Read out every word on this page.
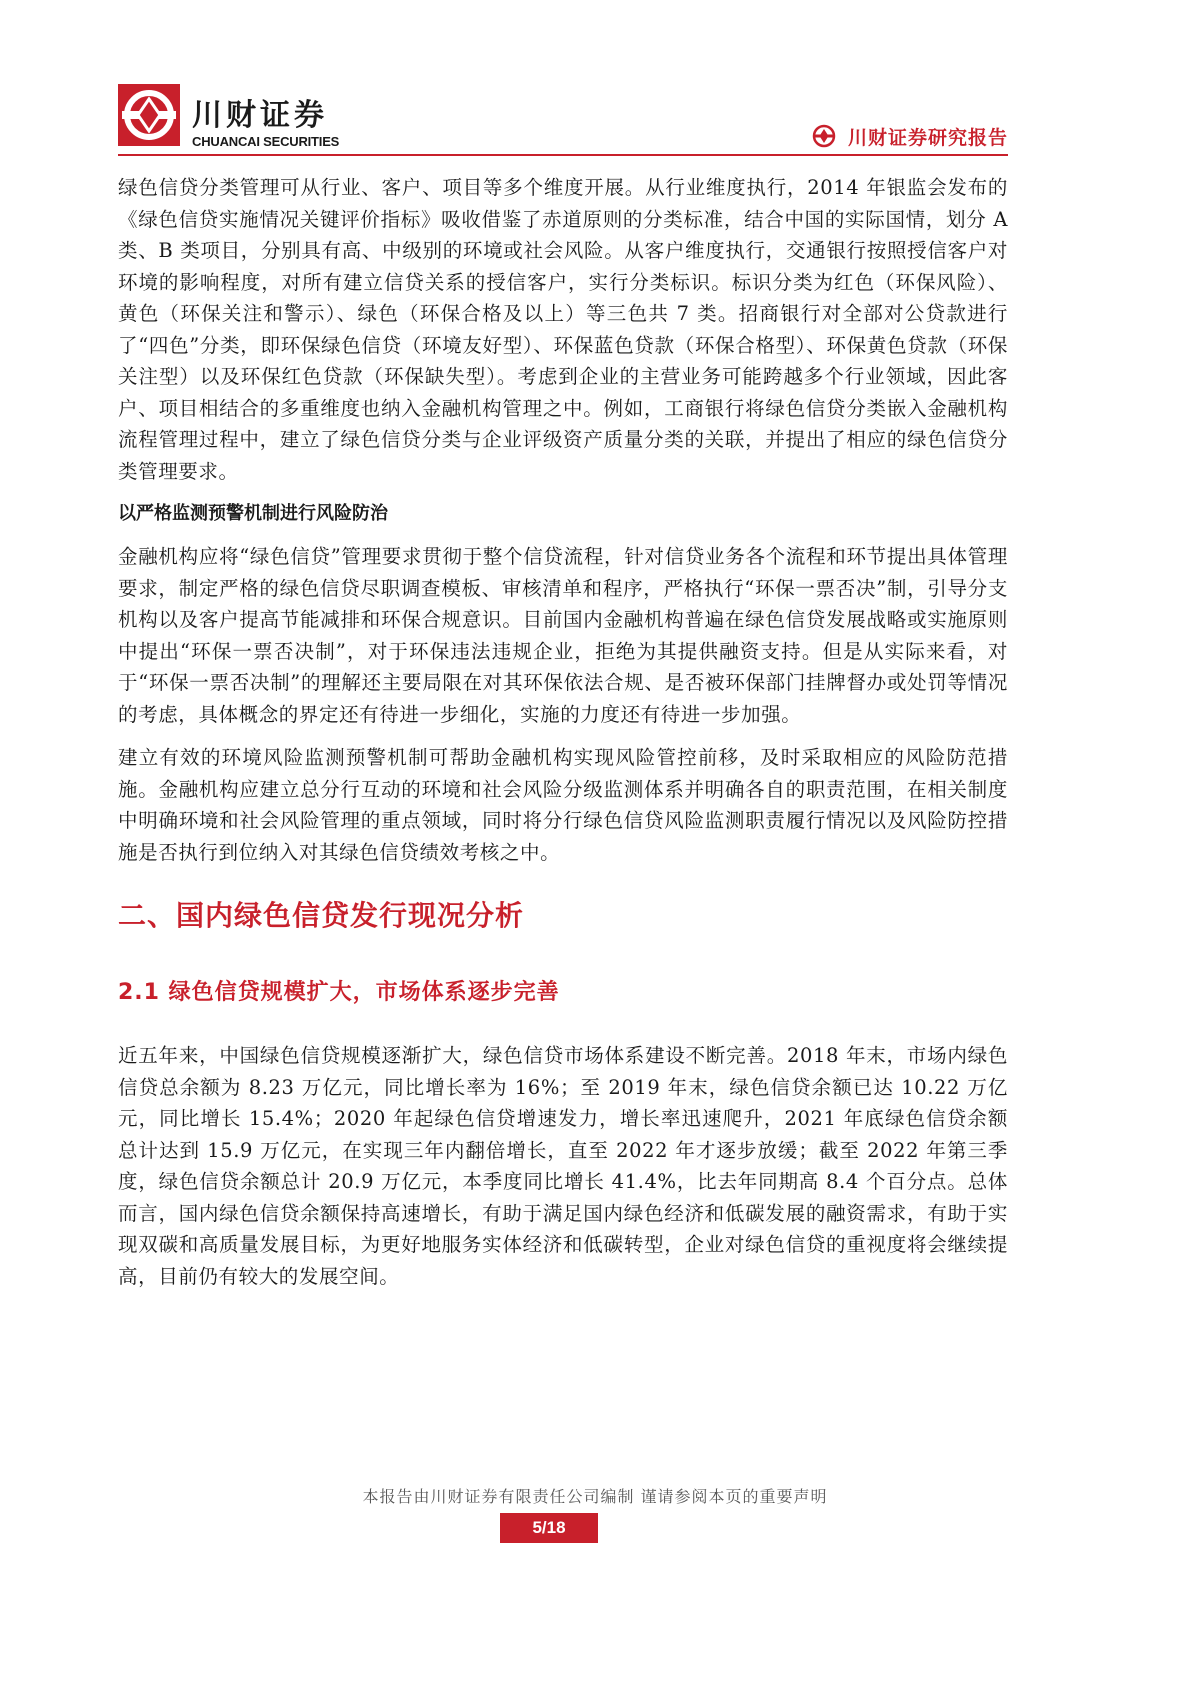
川财证券
CHUANCAI SECURITIES	川财证券研究报告

绿色信贷分类管理可从行业、客户、项目等多个维度开展。从行业维度执行，2014 年银监会发布的《绿色信贷实施情况关键评价指标》吸收借鉴了赤道原则的分类标准，结合中国的实际国情，划分 A 类、B 类项目，分别具有高、中级别的环境或社会风险。从客户维度执行，交通银行按照授信客户对环境的影响程度，对所有建立信贷关系的授信客户，实行分类标识。标识分类为红色（环保风险）、黄色（环保关注和警示）、绿色（环保合格及以上）等三色共 7 类。招商银行对全部对公贷款进行了“四色”分类，即环保绿色信贷（环境友好型）、环保蓝色贷款（环保合格型）、环保黄色贷款（环保关注型）以及环保红色贷款（环保缺失型）。考虑到企业的主营业务可能跨越多个行业领域，因此客户、项目相结合的多重维度也纳入金融机构管理之中。例如，工商银行将绿色信贷分类嵌入金融机构流程管理过程中，建立了绿色信贷分类与企业评级资产质量分类的关联，并提出了相应的绿色信贷分类管理要求。

以严格监测预警机制进行风险防治

金融机构应将“绿色信贷”管理要求贯彻于整个信贷流程，针对信贷业务各个流程和环节提出具体管理要求，制定严格的绿色信贷尽职调查模板、审核清单和程序，严格执行“环保一票否决”制，引导分支机构以及客户提高节能减排和环保合规意识。目前国内金融机构普遍在绿色信贷发展战略或实施原则中提出“环保一票否决制”，对于环保违法违规企业，拒绝为其提供融资支持。但是从实际来看，对于“环保一票否决制”的理解还主要局限在对其环保依法合规、是否被环保部门挂牌督办或处罚等情况的考虑，具体概念的界定还有待进一步细化，实施的力度还有待进一步加强。

建立有效的环境风险监测预警机制可帮助金融机构实现风险管控前移，及时采取相应的风险防范措施。金融机构应建立总分行互动的环境和社会风险分级监测体系并明确各自的职责范围，在相关制度中明确环境和社会风险管理的重点领域，同时将分行绿色信贷风险监测职责履行情况以及风险防控措施是否执行到位纳入对其绿色信贷绩效考核之中。

二、国内绿色信贷发行现况分析
2.1 绿色信贷规模扩大，市场体系逐步完善

近五年来，中国绿色信贷规模逐渐扩大，绿色信贷市场体系建设不断完善。2018 年末，市场内绿色信贷总余额为 8.23 万亿元，同比增长率为 16%；至 2019 年末，绿色信贷余额已达 10.22 万亿元，同比增长 15.4%；2020 年起绿色信贷增速发力，增长率迅速爬升，2021 年底绿色信贷余额总计达到 15.9 万亿元，在实现三年内翻倍增长，直至 2022 年才逐步放缓；截至 2022 年第三季度，绿色信贷余额总计 20.9 万亿元，本季度同比增长 41.4%，比去年同期高 8.4 个百分点。总体而言，国内绿色信贷余额保持高速增长，有助于满足国内绿色经济和低碳发展的融资需求，有助于实现双碳和高质量发展目标，为更好地服务实体经济和低碳转型，企业对绿色信贷的重视度将会继续提高，目前仍有较大的发展空间。

本报告由川财证券有限责任公司编制 谨请参阅本页的重要声明
5/18
